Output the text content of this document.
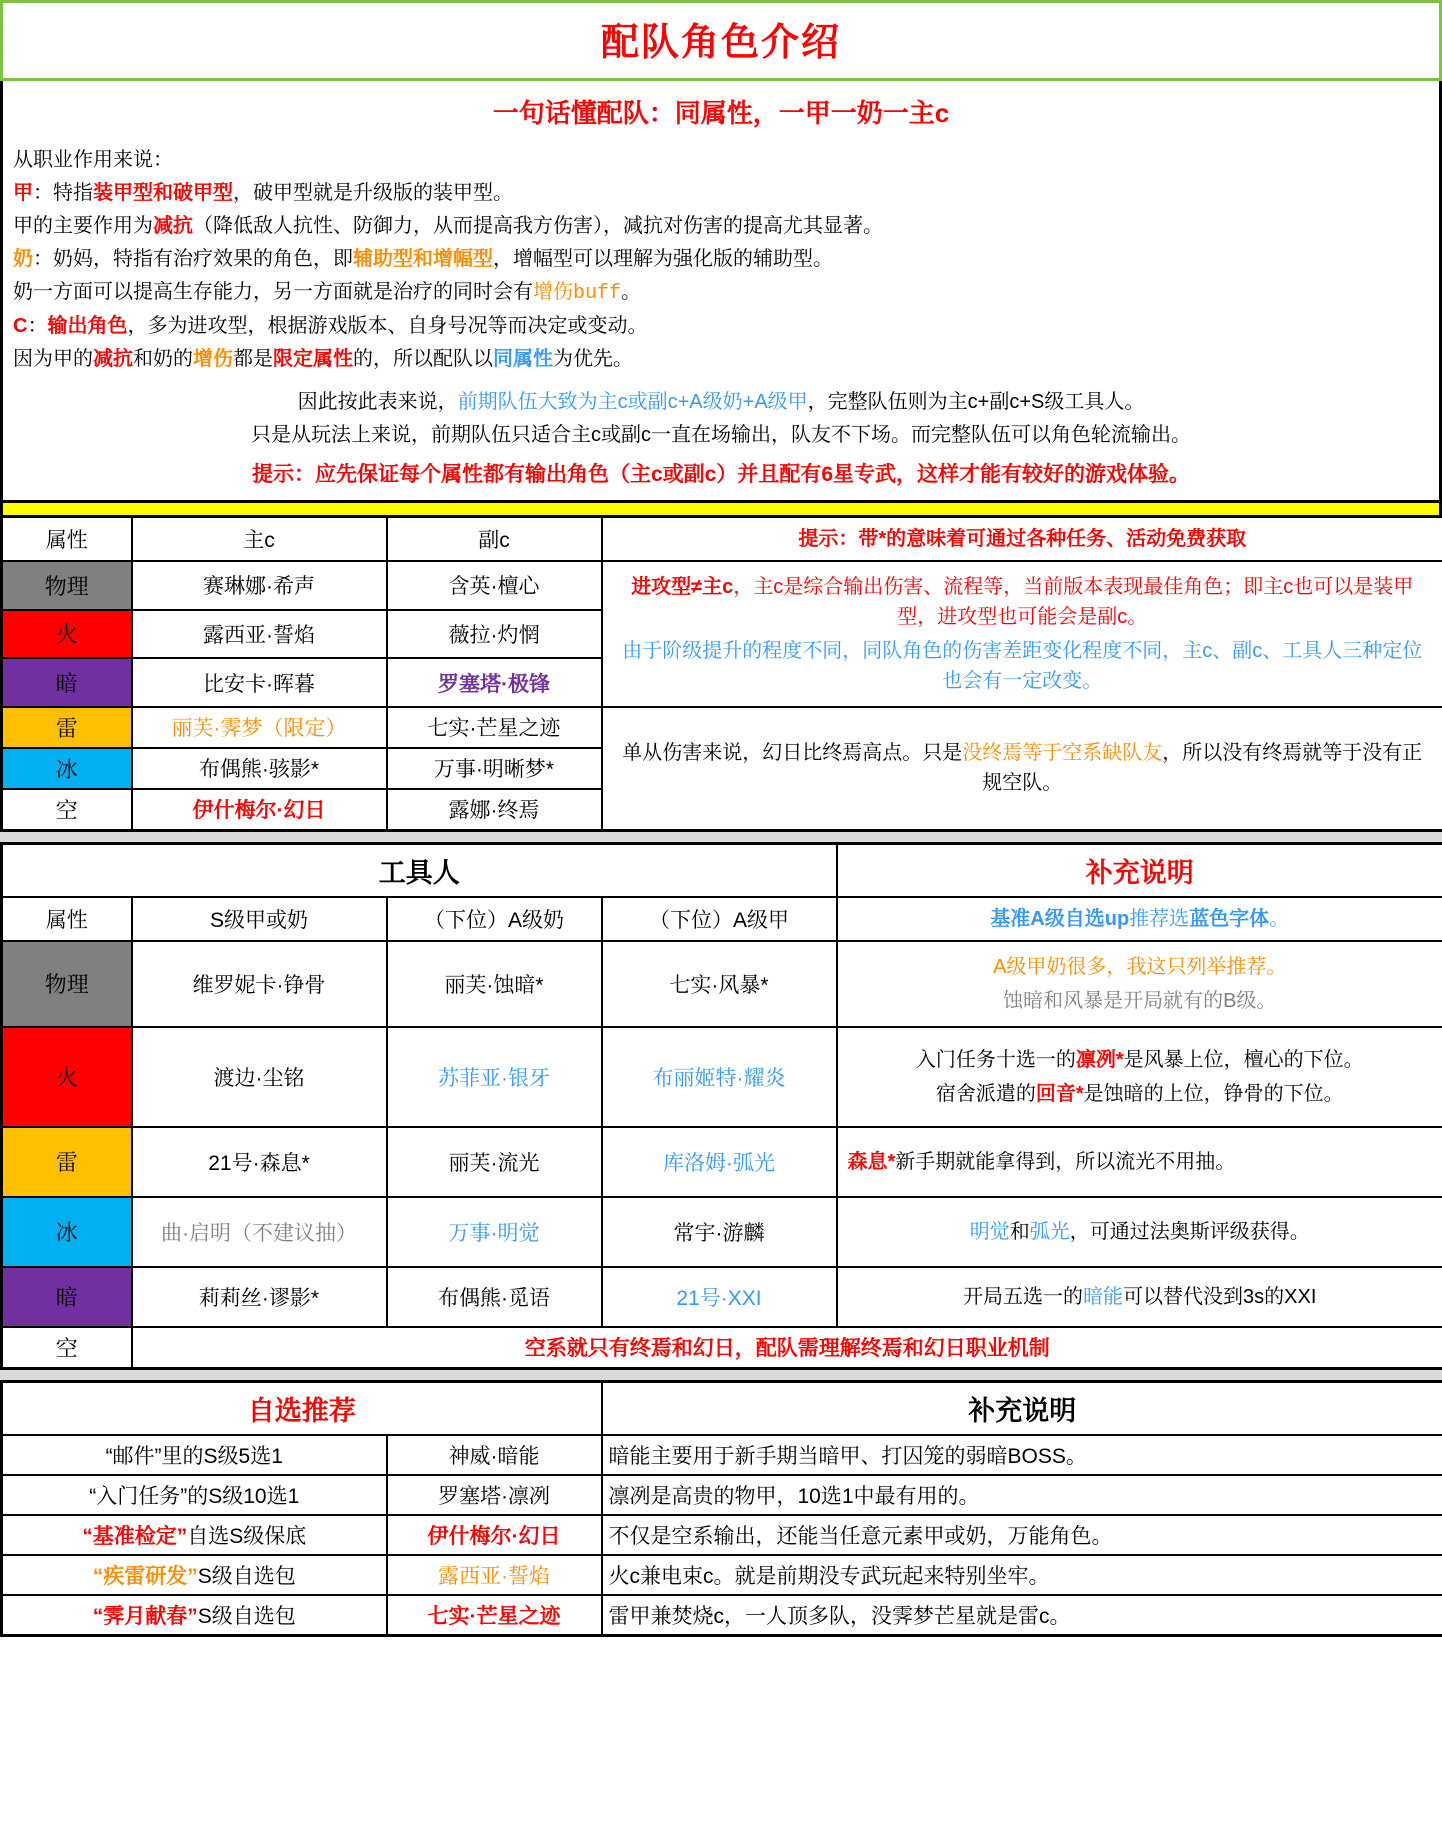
配队角色介绍
一句话懂配队：同属性，一甲一奶一主c

从职业作用来说：

甲：特指装甲型和破甲型，破甲型就是升级版的装甲型。

甲的主要作用为减抗（降低敌人抗性、防御力，从而提高我方伤害），减抗对伤害的提高尤其显著。

奶：奶妈，特指有治疗效果的角色，即辅助型和增幅型，增幅型可以理解为强化版的辅助型。

奶一方面可以提高生存能力，另一方面就是治疗的同时会有增伤buff。

C：输出角色，多为进攻型，根据游戏版本、自身号况等而决定或变动。

因为甲的减抗和奶的增伤都是限定属性的，所以配队以同属性为优先。

因此按此表来说，前期队伍大致为主c或副c+A级奶+A级甲，完整队伍则为主c+副c+S级工具人。

只是从玩法上来说，前期队伍只适合主c或副c一直在场输出，队友不下场。而完整队伍可以角色轮流输出。

提示：应先保证每个属性都有输出角色（主c或副c）并且配有6星专武，这样才能有较好的游戏体验。
属性	主c	副c	提示：带*的意味着可通过各种任务、活动免费获取
物理	赛琳娜·希声	含英·檀心	进攻型≠主c，主c是综合输出伤害、流程等，当前版本表现最佳角色；即主c也可以是装甲型，进攻型也可能会是副c。

由于阶级提升的程度不同，同队角色的伤害差距变化程度不同，主c、副c、工具人三种定位也会有一定改变。

火	露西亚·誓焰	薇拉·灼惘	
暗	比安卡·晖暮	罗塞塔·极锋	
雷	丽芙·霁梦（限定）	七实·芒星之迹	单从伤害来说，幻日比终焉高点。只是没终焉等于空系缺队友，所以没有终焉就等于没有正规空队。

冰	布偶熊·骇影*	万事·明晰梦*	
空	伊什梅尔·幻日	露娜·终焉	
工具人				补充说明
属性	S级甲或奶	（下位）A级奶	（下位）A级甲	基准A级自选up推荐选蓝色字体。
物理	维罗妮卡·铮骨	丽芙·蚀暗*	七实·风暴*	A级甲奶很多，我这只列举推荐。

蚀暗和风暴是开局就有的B级。

火	渡边·尘铭	苏菲亚·银牙	布丽姬特·耀炎	入门任务十选一的凛冽*是风暴上位，檀心的下位。

宿舍派遣的回音*是蚀暗的上位，铮骨的下位。

雷	21号·森息*	丽芙·流光	库洛姆·弧光	森息*新手期就能拿得到，所以流光不用抽。
冰	曲·启明（不建议抽）	万事·明觉	常宇·游麟	明觉和弧光，可通过法奥斯评级获得。
暗	莉莉丝·谬影*	布偶熊·觅语	21号·XXI	开局五选一的暗能可以替代没到3s的XXI
空	空系就只有终焉和幻日，配队需理解终焉和幻日职业机制			
自选推荐		补充说明
“邮件”里的S级5选1	神威·暗能	暗能主要用于新手期当暗甲、打囚笼的弱暗BOSS。
“入门任务”的S级10选1	罗塞塔·凛冽	凛冽是高贵的物甲，10选1中最有用的。
“基准检定”自选S级保底	伊什梅尔·幻日	不仅是空系输出，还能当任意元素甲或奶，万能角色。
“疾雷研发”S级自选包	露西亚·誓焰	火c兼电束c。就是前期没专武玩起来特别坐牢。
“霁月献春”S级自选包	七实·芒星之迹	雷甲兼焚烧c，一人顶多队，没霁梦芒星就是雷c。
